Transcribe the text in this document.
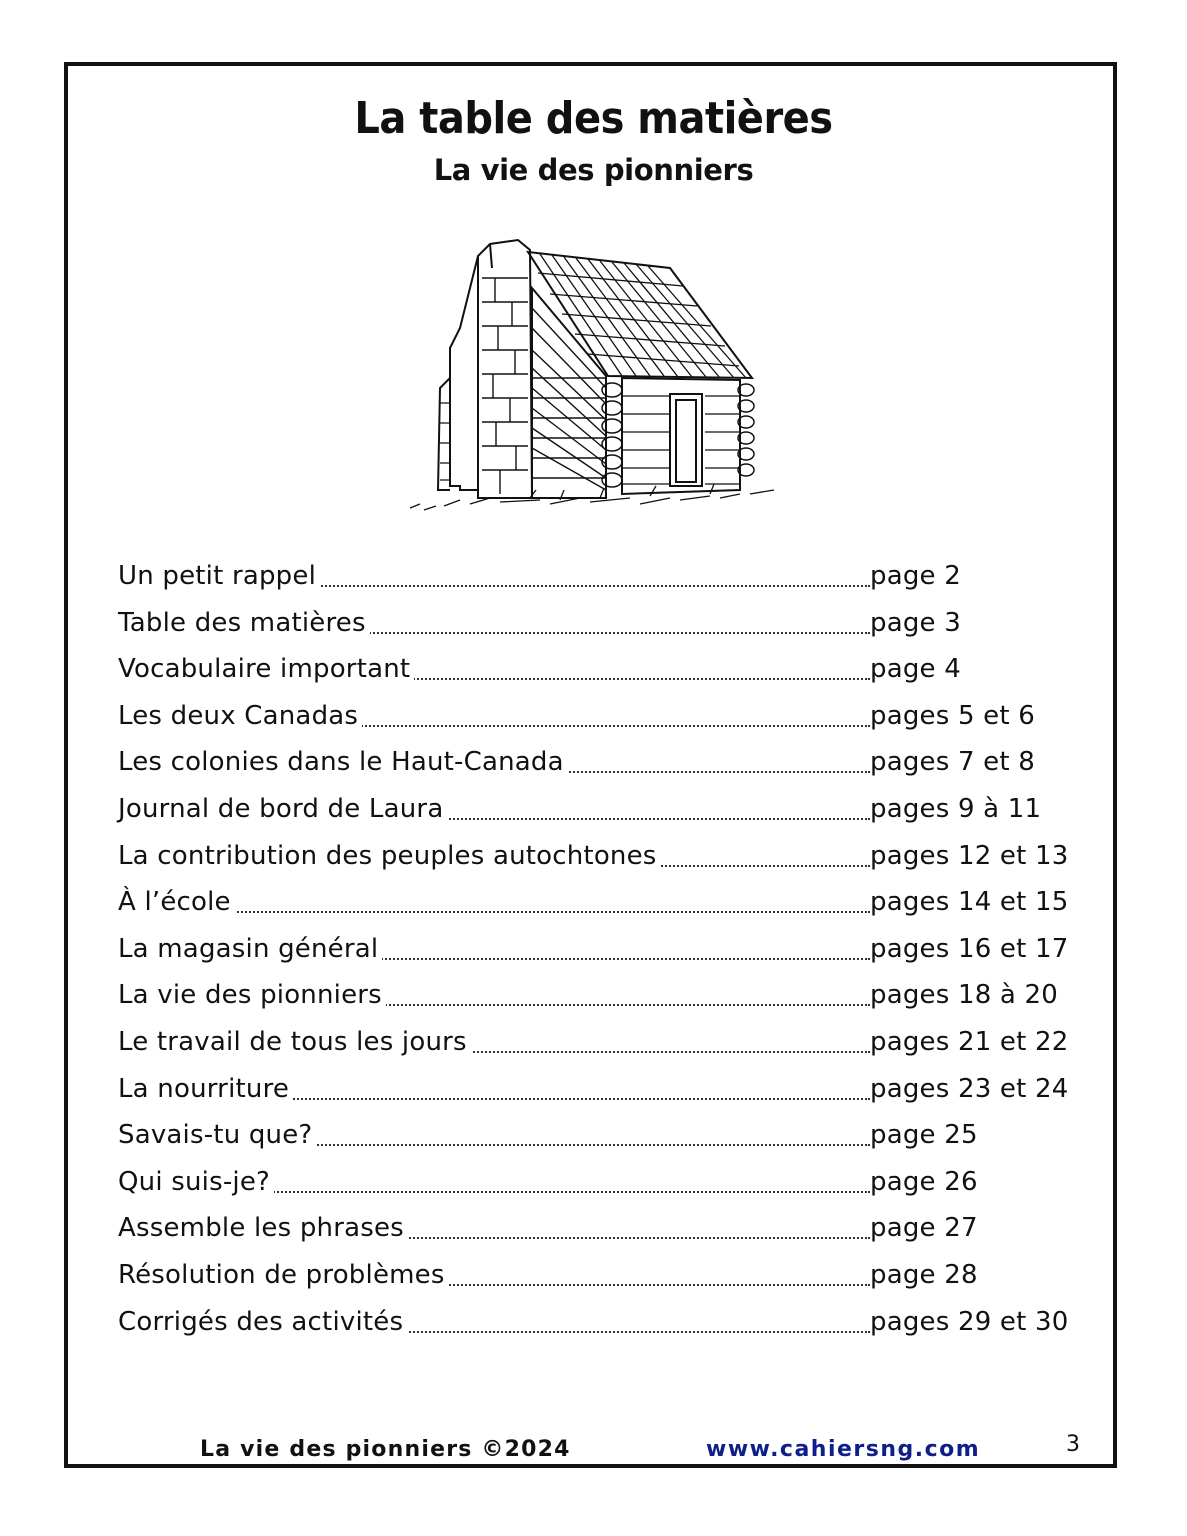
La table des matières
La vie des pionniers
Un petit rappel	page 2
Table des matières	page 3
Vocabulaire important	page 4
Les deux Canadas	pages 5 et 6
Les colonies dans le Haut-Canada	pages 7 et 8
Journal de bord de Laura	pages 9 à 11
La contribution des peuples autochtones	pages 12 et 13
À l’école	pages 14 et 15
La magasin général	pages 16 et 17
La vie des pionniers	pages 18 à 20
Le travail de tous les jours	pages 21 et 22
La nourriture	pages 23 et 24
Savais-tu que?	page 25
Qui suis-je?	page 26
Assemble les phrases	page 27
Résolution de problèmes	page 28
Corrigés des activités	pages 29 et 30
La vie des pionniers ©2024	www.cahiersng.com	3
